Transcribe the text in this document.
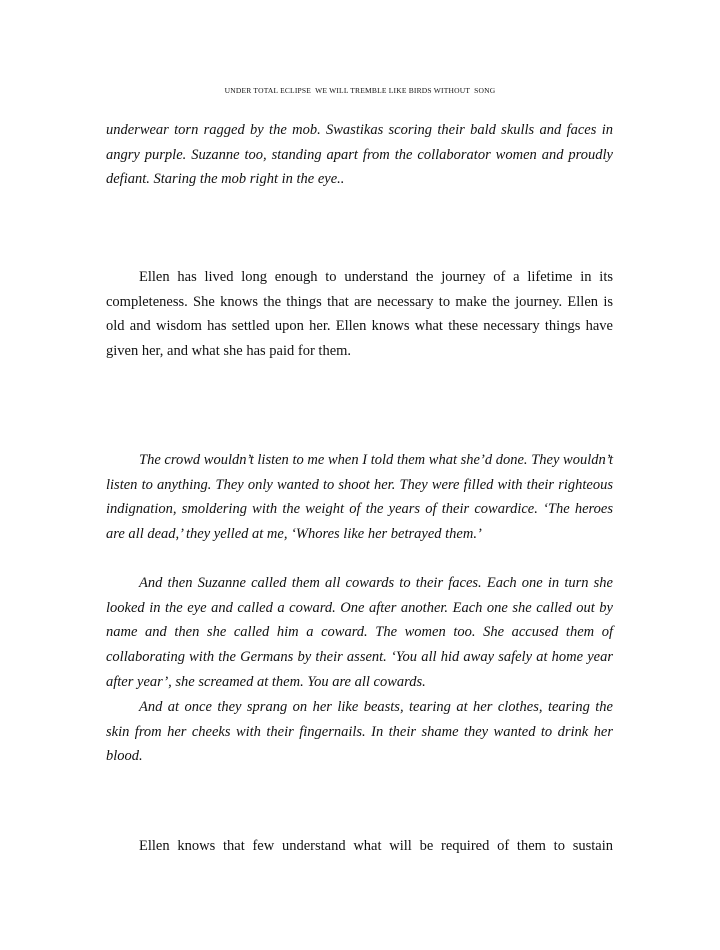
UNDER TOTAL ECLIPSE  WE WILL TREMBLE LIKE BIRDS WITHOUT  SONG

underwear torn ragged by the mob. Swastikas scoring their bald skulls and faces in angry purple. Suzanne too, standing apart from the collaborator women and proudly defiant. Staring the mob right in the eye..

Ellen has lived long enough to understand the journey of a lifetime in its completeness. She knows the things that are necessary to make the journey. Ellen is old and wisdom has settled upon her. Ellen knows what these necessary things have given her, and what she has paid for them.

The crowd wouldn’t listen to me when I told them what she’d done. They wouldn’t listen to anything. They only wanted to shoot her. They were filled with their righteous indignation, smoldering with the weight of the years of their cowardice. ‘The heroes are all dead,’ they yelled at me, ‘Whores like her betrayed them.’

And then Suzanne called them all cowards to their faces. Each one in turn she looked in the eye and called a coward. One after another. Each one she called out by name and then she called him a coward. The women too. She accused them of collaborating with the Germans by their assent. ‘You all hid away safely at home year after year’, she screamed at them. You are all cowards.

And at once they sprang on her like beasts, tearing at her clothes, tearing the skin from her cheeks with their fingernails. In their shame they wanted to drink her blood.

Ellen knows that few understand what will be required of them to sustain
